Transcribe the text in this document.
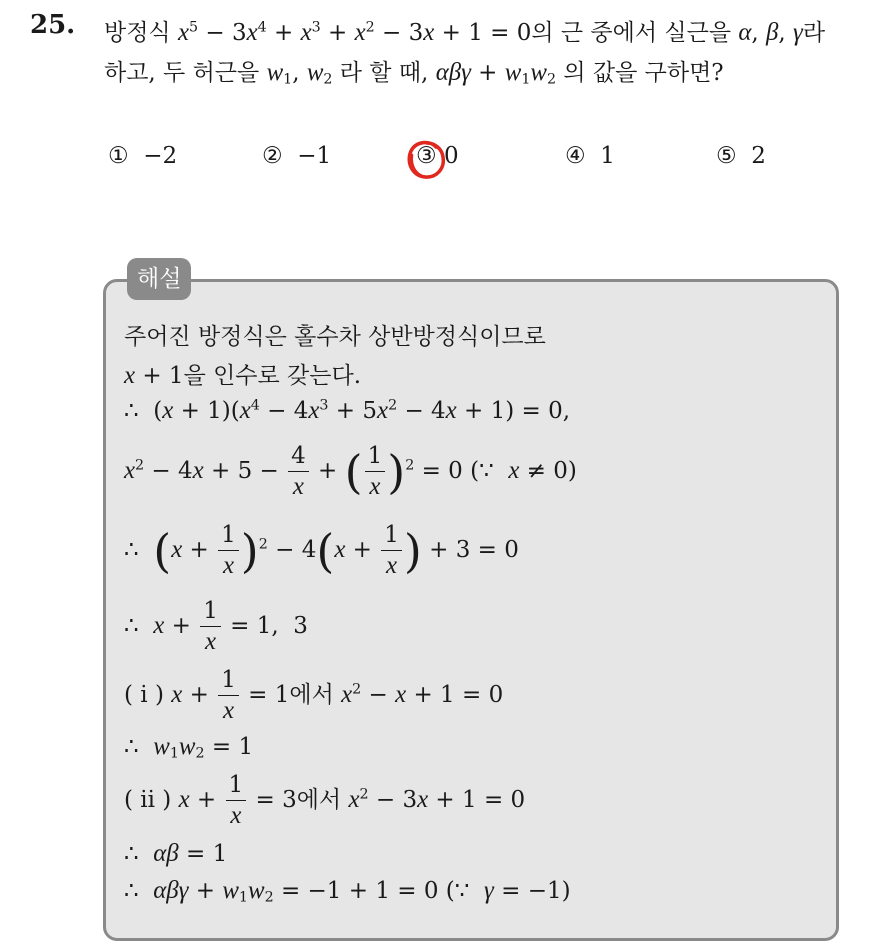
25. 방정식 $x^5 - 3x^4 + x^3 + x^2 - 3x + 1 = 0$의 근 중에서 실근을 α, β, γ라
하고, 두 허근을 $w_1$, $w_2$ 라 할 때, $\alpha\beta\gamma + w_1w_2$ 의 값을 구하면?
① −2	② −1	③ 0	④ 1	⑤ 2
해설
주어진 방정식은 홀수차 상반방정식이므로
x + 1을 인수로 갖는다.
∴  $(x + 1)(x^4 - 4x^3 + 5x^2 - 4x + 1) = 0$,
$x^2 - 4x + 5 - \frac{4}{x}$ + ( $\frac{1}{x} )^2 = 0$ (∵  x ≠ 0)
∴  $(x + \frac{1}{x} )^2 - 4(x + \frac{1}{x}$ ) + 3 = 0
∴  $x + \frac{1}{x} = 1$,  3
( i ) $x + \frac{1}{x} = 1$에서 $x^2 - x + 1 = 0$
∴  $w_1w_2 = 1$
( ii ) $x + \frac{1}{x} = 3$에서 $x^2 - 3x + 1 = 0$
∴  αβ = 1
∴  $\alpha\beta\gamma + w_1w_2 = -1 + 1 = 0$ (∵  γ = −1)
